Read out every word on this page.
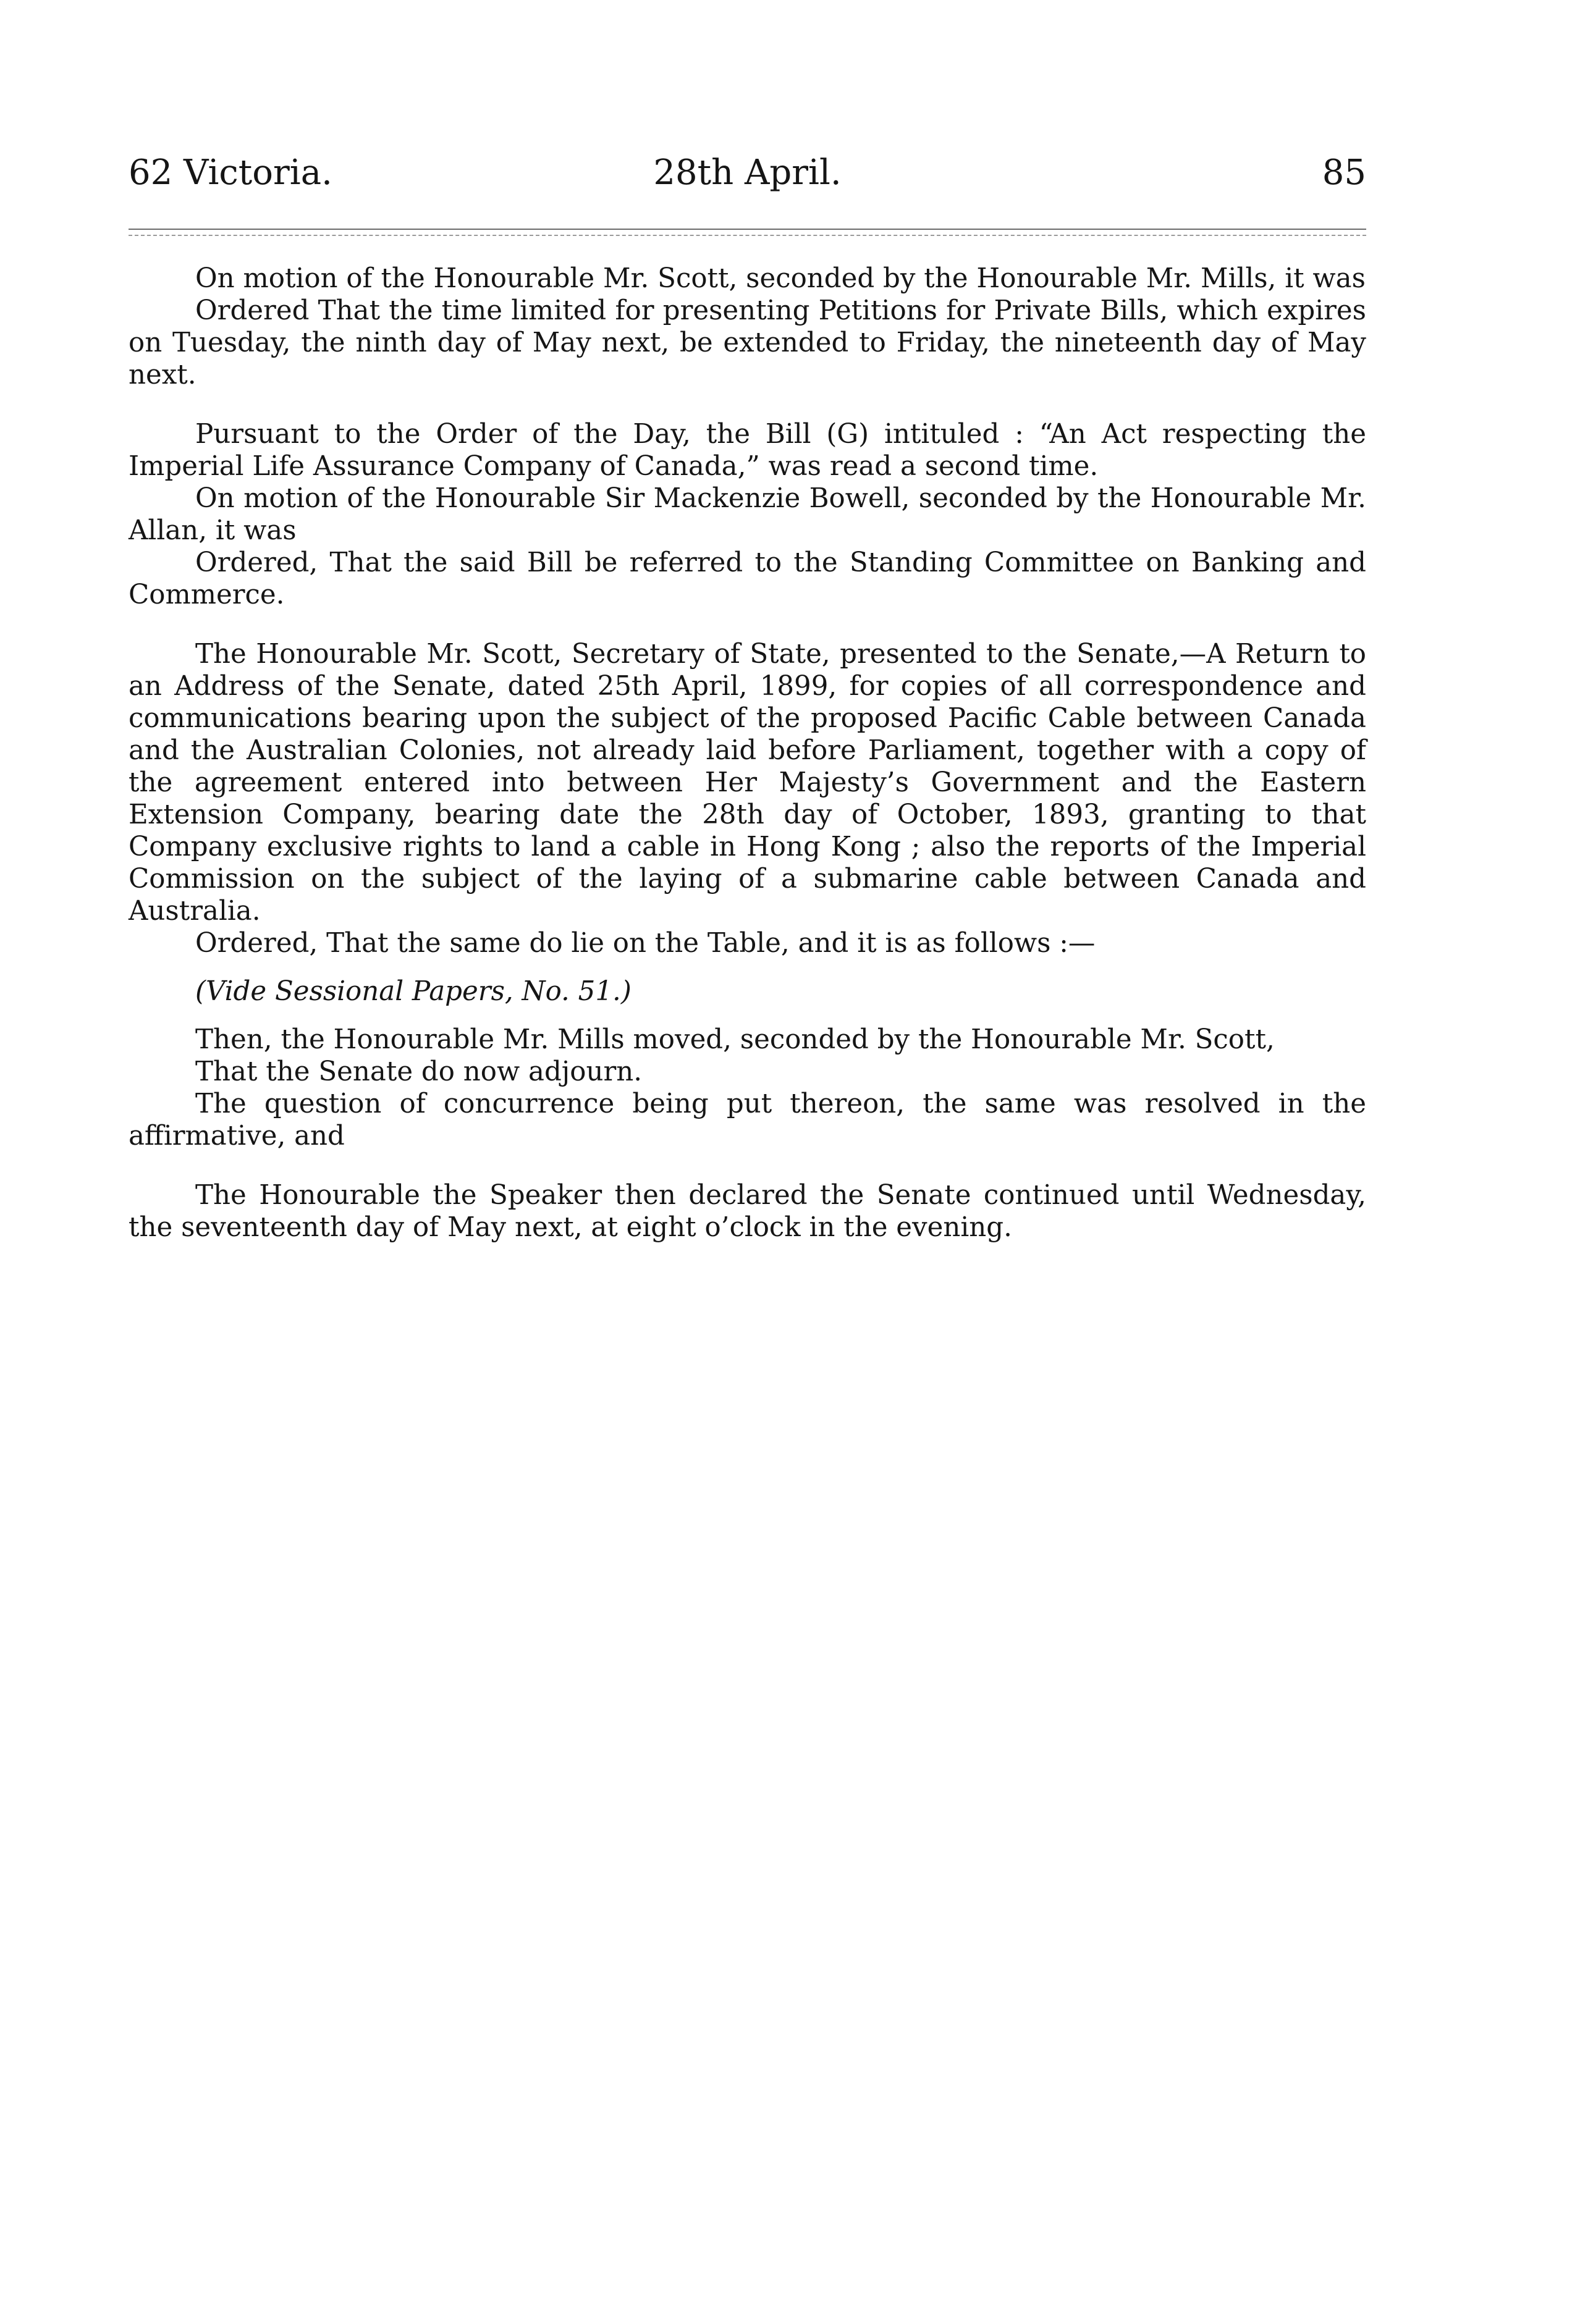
62 Victoria.	28th April.	85

On motion of the Honourable Mr. Scott, seconded by the Honourable Mr. Mills, it was

Ordered That the time limited for presenting Petitions for Private Bills, which expires on Tuesday, the ninth day of May next, be extended to Friday, the nineteenth day of May next.

Pursuant to the Order of the Day, the Bill (G) intituled : “An Act respecting the Imperial Life Assurance Company of Canada,” was read a second time.

On motion of the Honourable Sir Mackenzie Bowell, seconded by the Honourable Mr. Allan, it was

Ordered, That the said Bill be referred to the Standing Committee on Banking and Commerce.

The Honourable Mr. Scott, Secretary of State, presented to the Senate,—A Return to an Address of the Senate, dated 25th April, 1899, for copies of all correspondence and communications bearing upon the subject of the proposed Pacific Cable between Canada and the Australian Colonies, not already laid before Parliament, together with a copy of the agreement entered into between Her Majesty’s Government and the Eastern Extension Company, bearing date the 28th day of October, 1893, granting to that Company exclusive rights to land a cable in Hong Kong ; also the reports of the Imperial Commission on the subject of the laying of a submarine cable between Canada and Australia.

Ordered, That the same do lie on the Table, and it is as follows :—

(Vide Sessional Papers, No. 51.)

Then, the Honourable Mr. Mills moved, seconded by the Honourable Mr. Scott,

That the Senate do now adjourn.

The question of concurrence being put thereon, the same was resolved in the affirmative, and

The Honourable the Speaker then declared the Senate continued until Wednesday, the seventeenth day of May next, at eight o’clock in the evening.
